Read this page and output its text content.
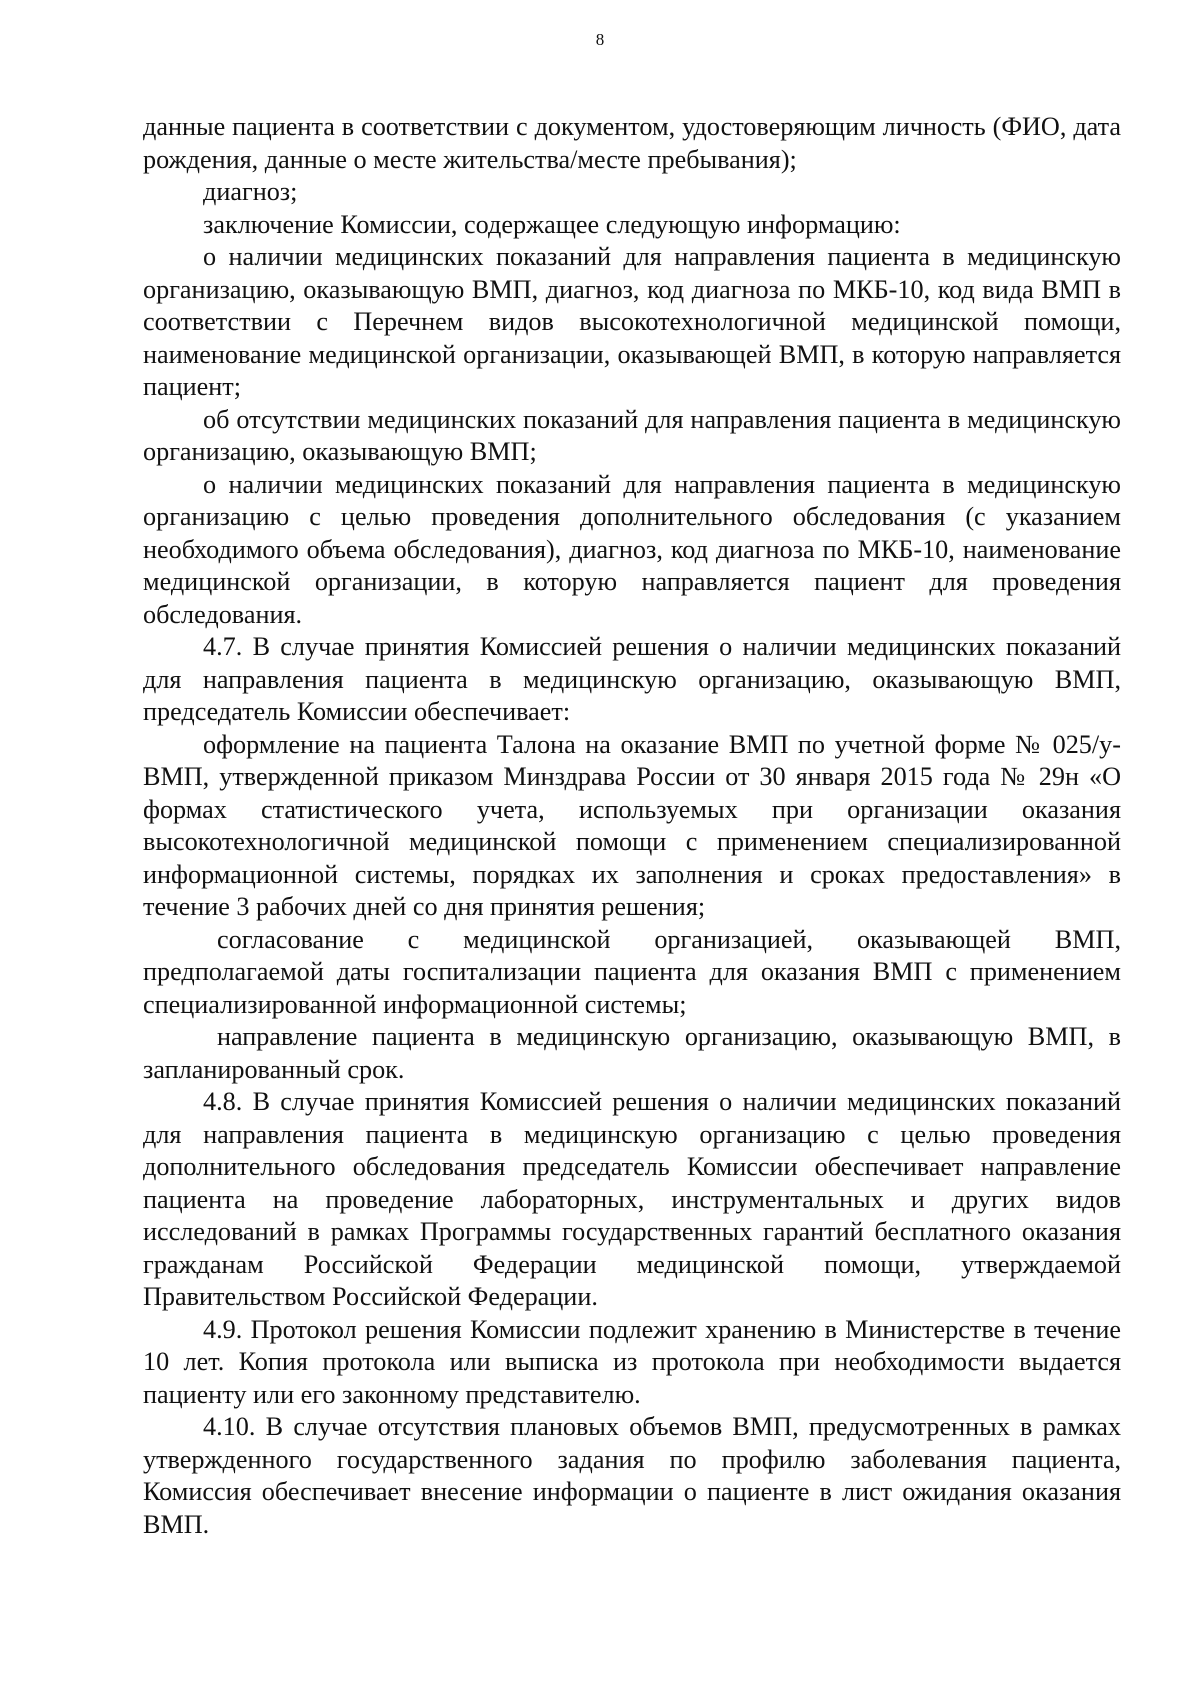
8

данные пациента в соответствии с документом, удостоверяющим личность (ФИО, дата рождения, данные о месте жительства/месте пребывания);

диагноз;

заключение Комиссии, содержащее следующую информацию:

о наличии медицинских показаний для направления пациента в медицинскую организацию, оказывающую ВМП, диагноз, код диагноза по МКБ-10, код вида ВМП в соответствии с Перечнем видов высокотехнологичной медицинской помощи, наименование медицинской организации, оказывающей ВМП, в которую направляется пациент;

об отсутствии медицинских показаний для направления пациента в медицинскую организацию, оказывающую ВМП;

о наличии медицинских показаний для направления пациента в медицинскую организацию с целью проведения дополнительного обследования (с указанием необходимого объема обследования), диагноз, код диагноза по МКБ-10, наименование медицинской организации, в которую направляется пациент для проведения обследования.

4.7. В случае принятия Комиссией решения о наличии медицинских показаний для направления пациента в медицинскую организацию, оказывающую ВМП, председатель Комиссии обеспечивает:

оформление на пациента Талона на оказание ВМП по учетной форме № 025/у-ВМП, утвержденной приказом Минздрава России от 30 января 2015 года № 29н «О формах статистического учета, используемых при организации оказания высокотехнологичной медицинской помощи с применением специализированной информационной системы, порядках их заполнения и сроках предоставления» в течение 3 рабочих дней со дня принятия решения;

согласование с медицинской организацией, оказывающей ВМП, предполагаемой даты госпитализации пациента для оказания ВМП с применением специализированной информационной системы;

направление пациента в медицинскую организацию, оказывающую ВМП, в запланированный срок.

4.8. В случае принятия Комиссией решения о наличии медицинских показаний для направления пациента в медицинскую организацию с целью проведения дополнительного обследования председатель Комиссии обеспечивает направление пациента на проведение лабораторных, инструментальных и других видов исследований в рамках Программы государственных гарантий бесплатного оказания гражданам Российской Федерации медицинской помощи, утверждаемой Правительством Российской Федерации.

4.9. Протокол решения Комиссии подлежит хранению в Министерстве в течение 10 лет. Копия протокола или выписка из протокола при необходимости выдается пациенту или его законному представителю.

4.10. В случае отсутствия плановых объемов ВМП, предусмотренных в рамках утвержденного государственного задания по профилю заболевания пациента, Комиссия обеспечивает внесение информации о пациенте в лист ожидания оказания ВМП.
